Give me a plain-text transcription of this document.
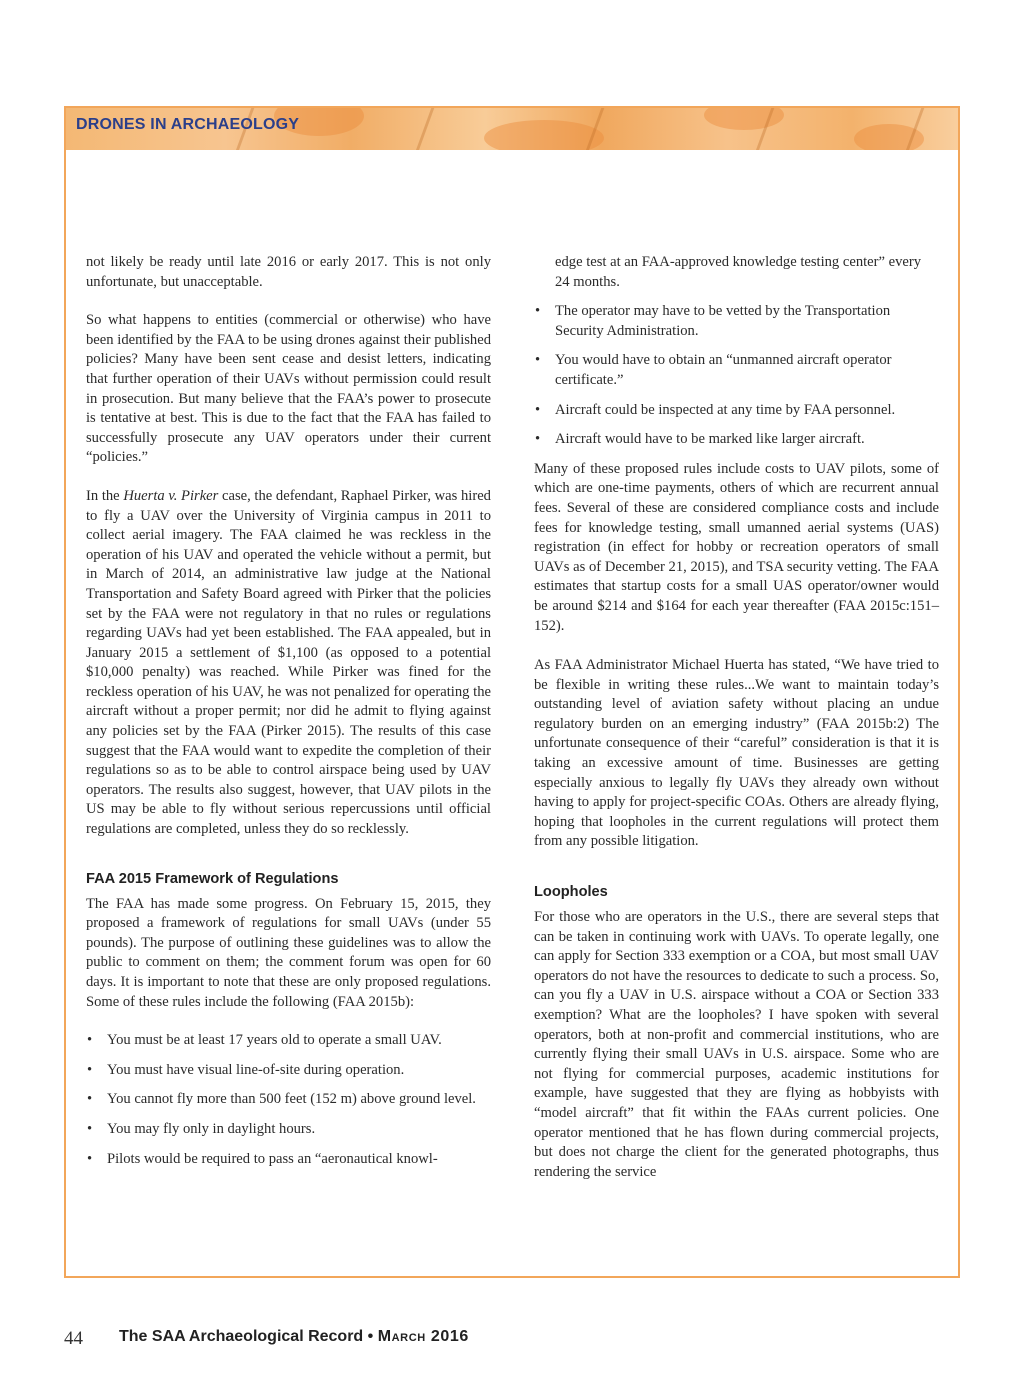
DRONES IN ARCHAEOLOGY

not likely be ready until late 2016 or early 2017. This is not only unfortunate, but unacceptable.

So what happens to entities (commercial or otherwise) who have been identified by the FAA to be using drones against their published policies? Many have been sent cease and desist letters, indicating that further operation of their UAVs without permission could result in prosecution. But many believe that the FAA’s power to prosecute is tentative at best. This is due to the fact that the FAA has failed to successfully prosecute any UAV operators under their current “policies.”

In the Huerta v. Pirker case, the defendant, Raphael Pirker, was hired to fly a UAV over the University of Virginia campus in 2011 to collect aerial imagery. The FAA claimed he was reckless in the operation of his UAV and operated the vehicle without a permit, but in March of 2014, an administrative law judge at the National Transportation and Safety Board agreed with Pirker that the policies set by the FAA were not regulatory in that no rules or regulations regarding UAVs had yet been established. The FAA appealed, but in January 2015 a settlement of $1,100 (as opposed to a potential $10,000 penalty) was reached. While Pirker was fined for the reckless operation of his UAV, he was not penalized for operating the aircraft without a proper permit; nor did he admit to flying against any policies set by the FAA (Pirker 2015). The results of this case suggest that the FAA would want to expedite the completion of their regulations so as to be able to control airspace being used by UAV operators. The results also suggest, however, that UAV pilots in the US may be able to fly without serious repercussions until official regulations are completed, unless they do so recklessly.

FAA 2015 Framework of Regulations

The FAA has made some progress. On February 15, 2015, they proposed a framework of regulations for small UAVs (under 55 pounds). The purpose of outlining these guidelines was to allow the public to comment on them; the comment forum was open for 60 days. It is important to note that these are only proposed regulations. Some of these rules include the following (FAA 2015b):

• You must be at least 17 years old to operate a small UAV.
• You must have visual line-of-site during operation.
• You cannot fly more than 500 feet (152 m) above ground level.
• You may fly only in daylight hours.
• Pilots would be required to pass an “aeronautical knowl-

edge test at an FAA-approved knowledge testing center” every 24 months.

• The operator may have to be vetted by the Transportation Security Administration.
• You would have to obtain an “unmanned aircraft operator certificate.”
• Aircraft could be inspected at any time by FAA personnel.
• Aircraft would have to be marked like larger aircraft.

Many of these proposed rules include costs to UAV pilots, some of which are one-time payments, others of which are recurrent annual fees. Several of these are considered compliance costs and include fees for knowledge testing, small umanned aerial systems (UAS) registration (in effect for hobby or recreation operators of small UAVs as of December 21, 2015), and TSA security vetting. The FAA estimates that startup costs for a small UAS operator/owner would be around $214 and $164 for each year thereafter (FAA 2015c:151–152).

As FAA Administrator Michael Huerta has stated, “We have tried to be flexible in writing these rules...We want to maintain today’s outstanding level of aviation safety without placing an undue regulatory burden on an emerging industry” (FAA 2015b:2) The unfortunate consequence of their “careful” consideration is that it is taking an excessive amount of time. Businesses are getting especially anxious to legally fly UAVs they already own without having to apply for project-specific COAs. Others are already flying, hoping that loopholes in the current regulations will protect them from any possible litigation.

Loopholes

For those who are operators in the U.S., there are several steps that can be taken in continuing work with UAVs. To operate legally, one can apply for Section 333 exemption or a COA, but most small UAV operators do not have the resources to dedicate to such a process. So, can you fly a UAV in U.S. airspace without a COA or Section 333 exemption? What are the loopholes? I have spoken with several operators, both at non-profit and commercial institutions, who are currently flying their small UAVs in U.S. airspace. Some who are not flying for commercial purposes, academic institutions for example, have suggested that they are flying as hobbyists with “model aircraft” that fit within the FAAs current policies. One operator mentioned that he has flown during commercial projects, but does not charge the client for the generated photographs, thus rendering the service

44 The SAA Archaeological Record • March 2016
